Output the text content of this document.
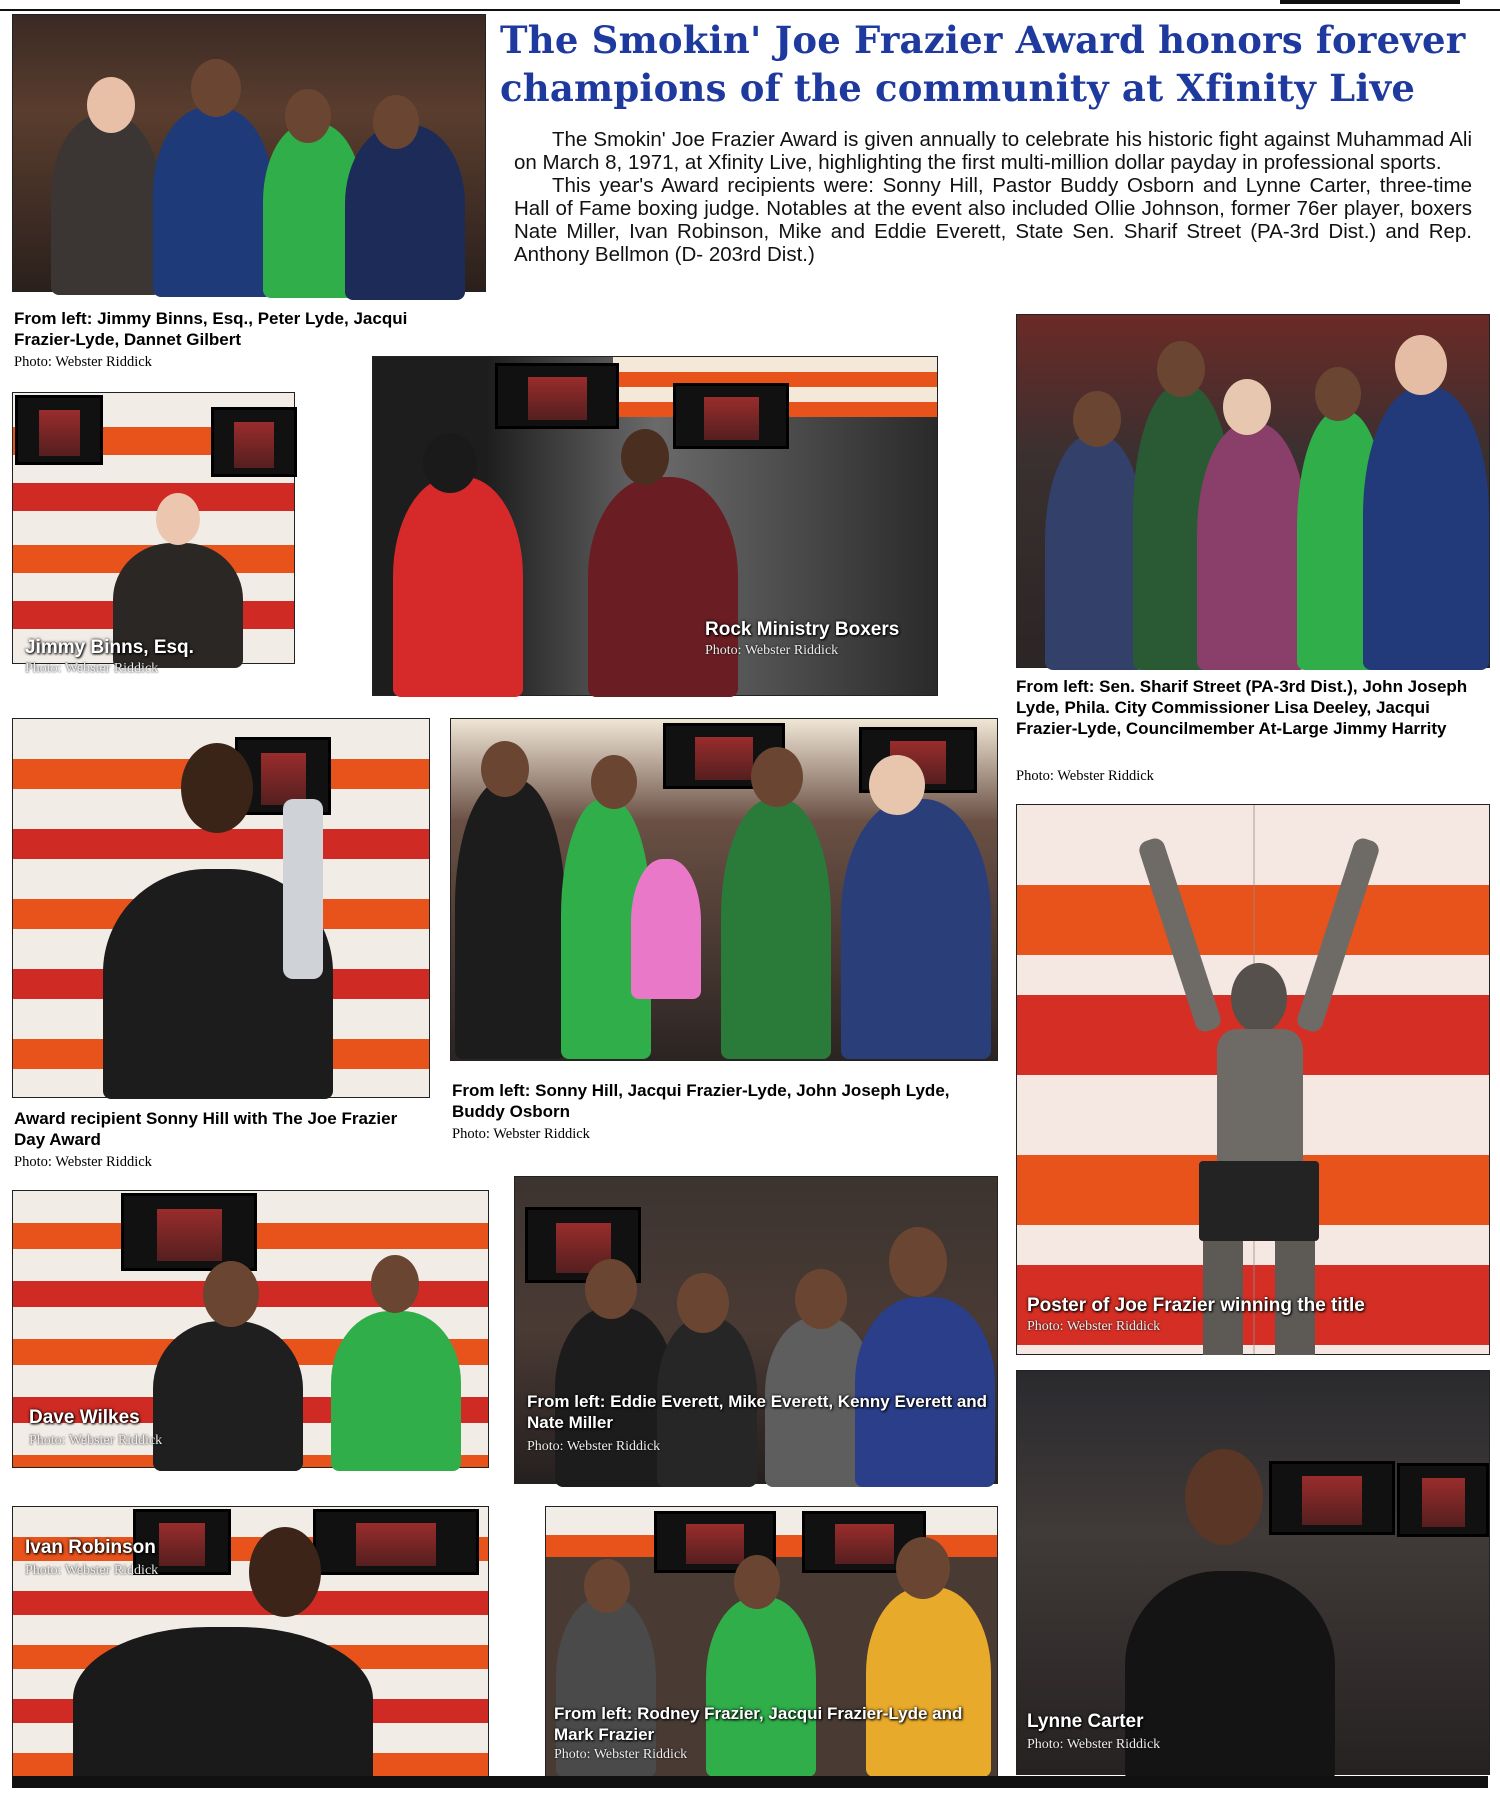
The Smokin' Joe Frazier Award honors forever champions of the community at Xfinity Live

The Smokin' Joe Frazier Award is given annually to celebrate his historic fight against Muhammad Ali on March 8, 1971, at Xfinity Live, highlighting the first multi-million dollar payday in professional sports.

This year's Award recipients were: Sonny Hill, Pastor Buddy Osborn and Lynne Carter, three-time Hall of Fame boxing judge. Notables at the event also included Ollie Johnson, former 76er player, boxers Nate Miller, Ivan Robinson, Mike and Eddie Everett, State Sen. Sharif Street (PA-3rd Dist.) and Rep. Anthony Bellmon (D- 203rd Dist.)

From left: Jimmy Binns, Esq., Peter Lyde, Jacqui Frazier-Lyde, Dannet Gilbert
Photo: Webster Riddick
Jimmy Binns, Esq.
Photo: Webster Riddick
Rock Ministry Boxers
Photo: Webster Riddick
From left: Sen. Sharif Street (PA-3rd Dist.), John Joseph Lyde, Phila. City Commissioner Lisa Deeley, Jacqui Frazier-Lyde, Councilmember At-Large Jimmy Harrity
Photo: Webster Riddick
Award recipient Sonny Hill with The Joe Frazier Day Award
Photo: Webster Riddick
From left: Sonny Hill, Jacqui Frazier-Lyde, John Joseph Lyde, Buddy Osborn
Photo: Webster Riddick
Poster of Joe Frazier winning the title
Photo: Webster Riddick
Dave Wilkes
Photo: Webster Riddick
From left: Eddie Everett, Mike Everett, Kenny Everett and Nate Miller
Photo: Webster Riddick
Lynne Carter
Photo: Webster Riddick
Ivan Robinson
Photo: Webster Riddick
From left: Rodney Frazier, Jacqui Frazier-Lyde and Mark Frazier
Photo: Webster Riddick
